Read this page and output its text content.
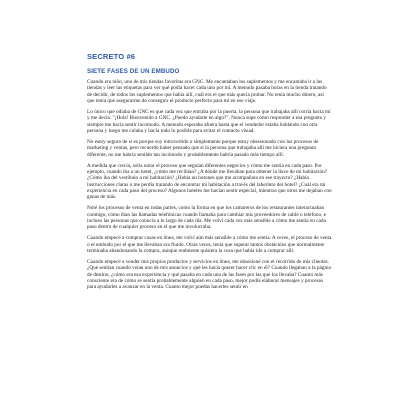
SECRETO #6
SIETE FASES DE UN EMBUDO

Cuando era niño, uno de mis tiendas favoritas era GNC. Me encantaban los suplementos y me encantaba ir a las tiendas y leer las etiquetas para ver qué podía hacer cada uno por mí. A menudo pasaba horas en la tienda tratando de decidir, de todos los suplementos que había allí, cuál era el que más quería probar. No tenía mucho dinero, así que tenía que asegurarme de conseguir el producto perfecto para mí en ese viaje.

Lo único que odiaba de GNC es que cada vez que entraba por la puerta, la persona que trabajaba allí corría hacia mí y me decía: "¡Hola! Bienvenido a GNC. ¿Puedo ayudarte en algo?". Nunca supe cómo responder a esa pregunta y siempre me hacía sentir incómodo. A menudo esperaba afuera hasta que el vendedor estaba hablando con otra persona y luego me colaba y hacía todo lo posible para evitar el contacto visual.

No estoy seguro de si es porque soy introvertido o simplemente porque estoy obsesionado con los procesos de marketing y ventas, pero recuerdo haber pensado que si la persona que trabajaba allí me hiciera una pregunta diferente, no me habría sentido tan incómodo y probablemente habría pasado más tiempo allí.

A medida que crecía, solía notar el proceso que seguían diferentes negocios y cómo me sentía en cada paso. Por ejemplo, cuando iba a un hotel, ¿cómo me recibían? ¿A dónde me llevaban para obtener la llave de mi habitación? ¿Cómo iba del vestíbulo a mi habitación? ¿Había un botones que me acompañara en ese trayecto? ¿Había instrucciones claras o me perdía tratando de encontrar mi habitación a través del laberinto del hotel? ¿Cuál era mi experiencia en cada paso del proceso? Algunos hoteles me hacían sentir especial, mientras que otros me dejaban con ganas de más.

Noté los procesos de venta en todas partes, como la forma en que los camareros de los restaurantes interactuaban conmigo, cómo iban las llamadas telefónicas cuando llamaba para cambiar mis proveedores de cable o teléfono, e incluso las personas que conocía a lo largo de cada día. Me volví cada vez más sensible a cómo me sentía en cada paso dentro de cualquier proceso en el que me involucraba.

Cuando empecé a comprar cosas en línea, me volví aún más sensible a cómo me sentía. A veces, el proceso de venta o el embudo por el que me llevaban era fluido. Otras veces, tenía que superar tantos obstáculos que normalmente terminaba abandonando la compra, aunque realmente quisiera la cosa que había ido a comprar allí.

Cuando empecé a vender mis propios productos y servicios en línea, me obsesioné con el recorrido de mis clientes. ¿Qué sentían cuando veían uno de mis anuncios y qué les hacía querer hacer clic en él? Cuando llegaban a la página de destino, ¿cómo era esa experiencia y qué pasaba en cada una de las fases por las que los llevaba? Cuanto más consciente era de cómo se sentía probablemente alguien en cada paso, mejor podía elaborar mensajes y procesos para ayudarles a avanzar en la venta. Cuanto mejor puedas hacerles sentir en
